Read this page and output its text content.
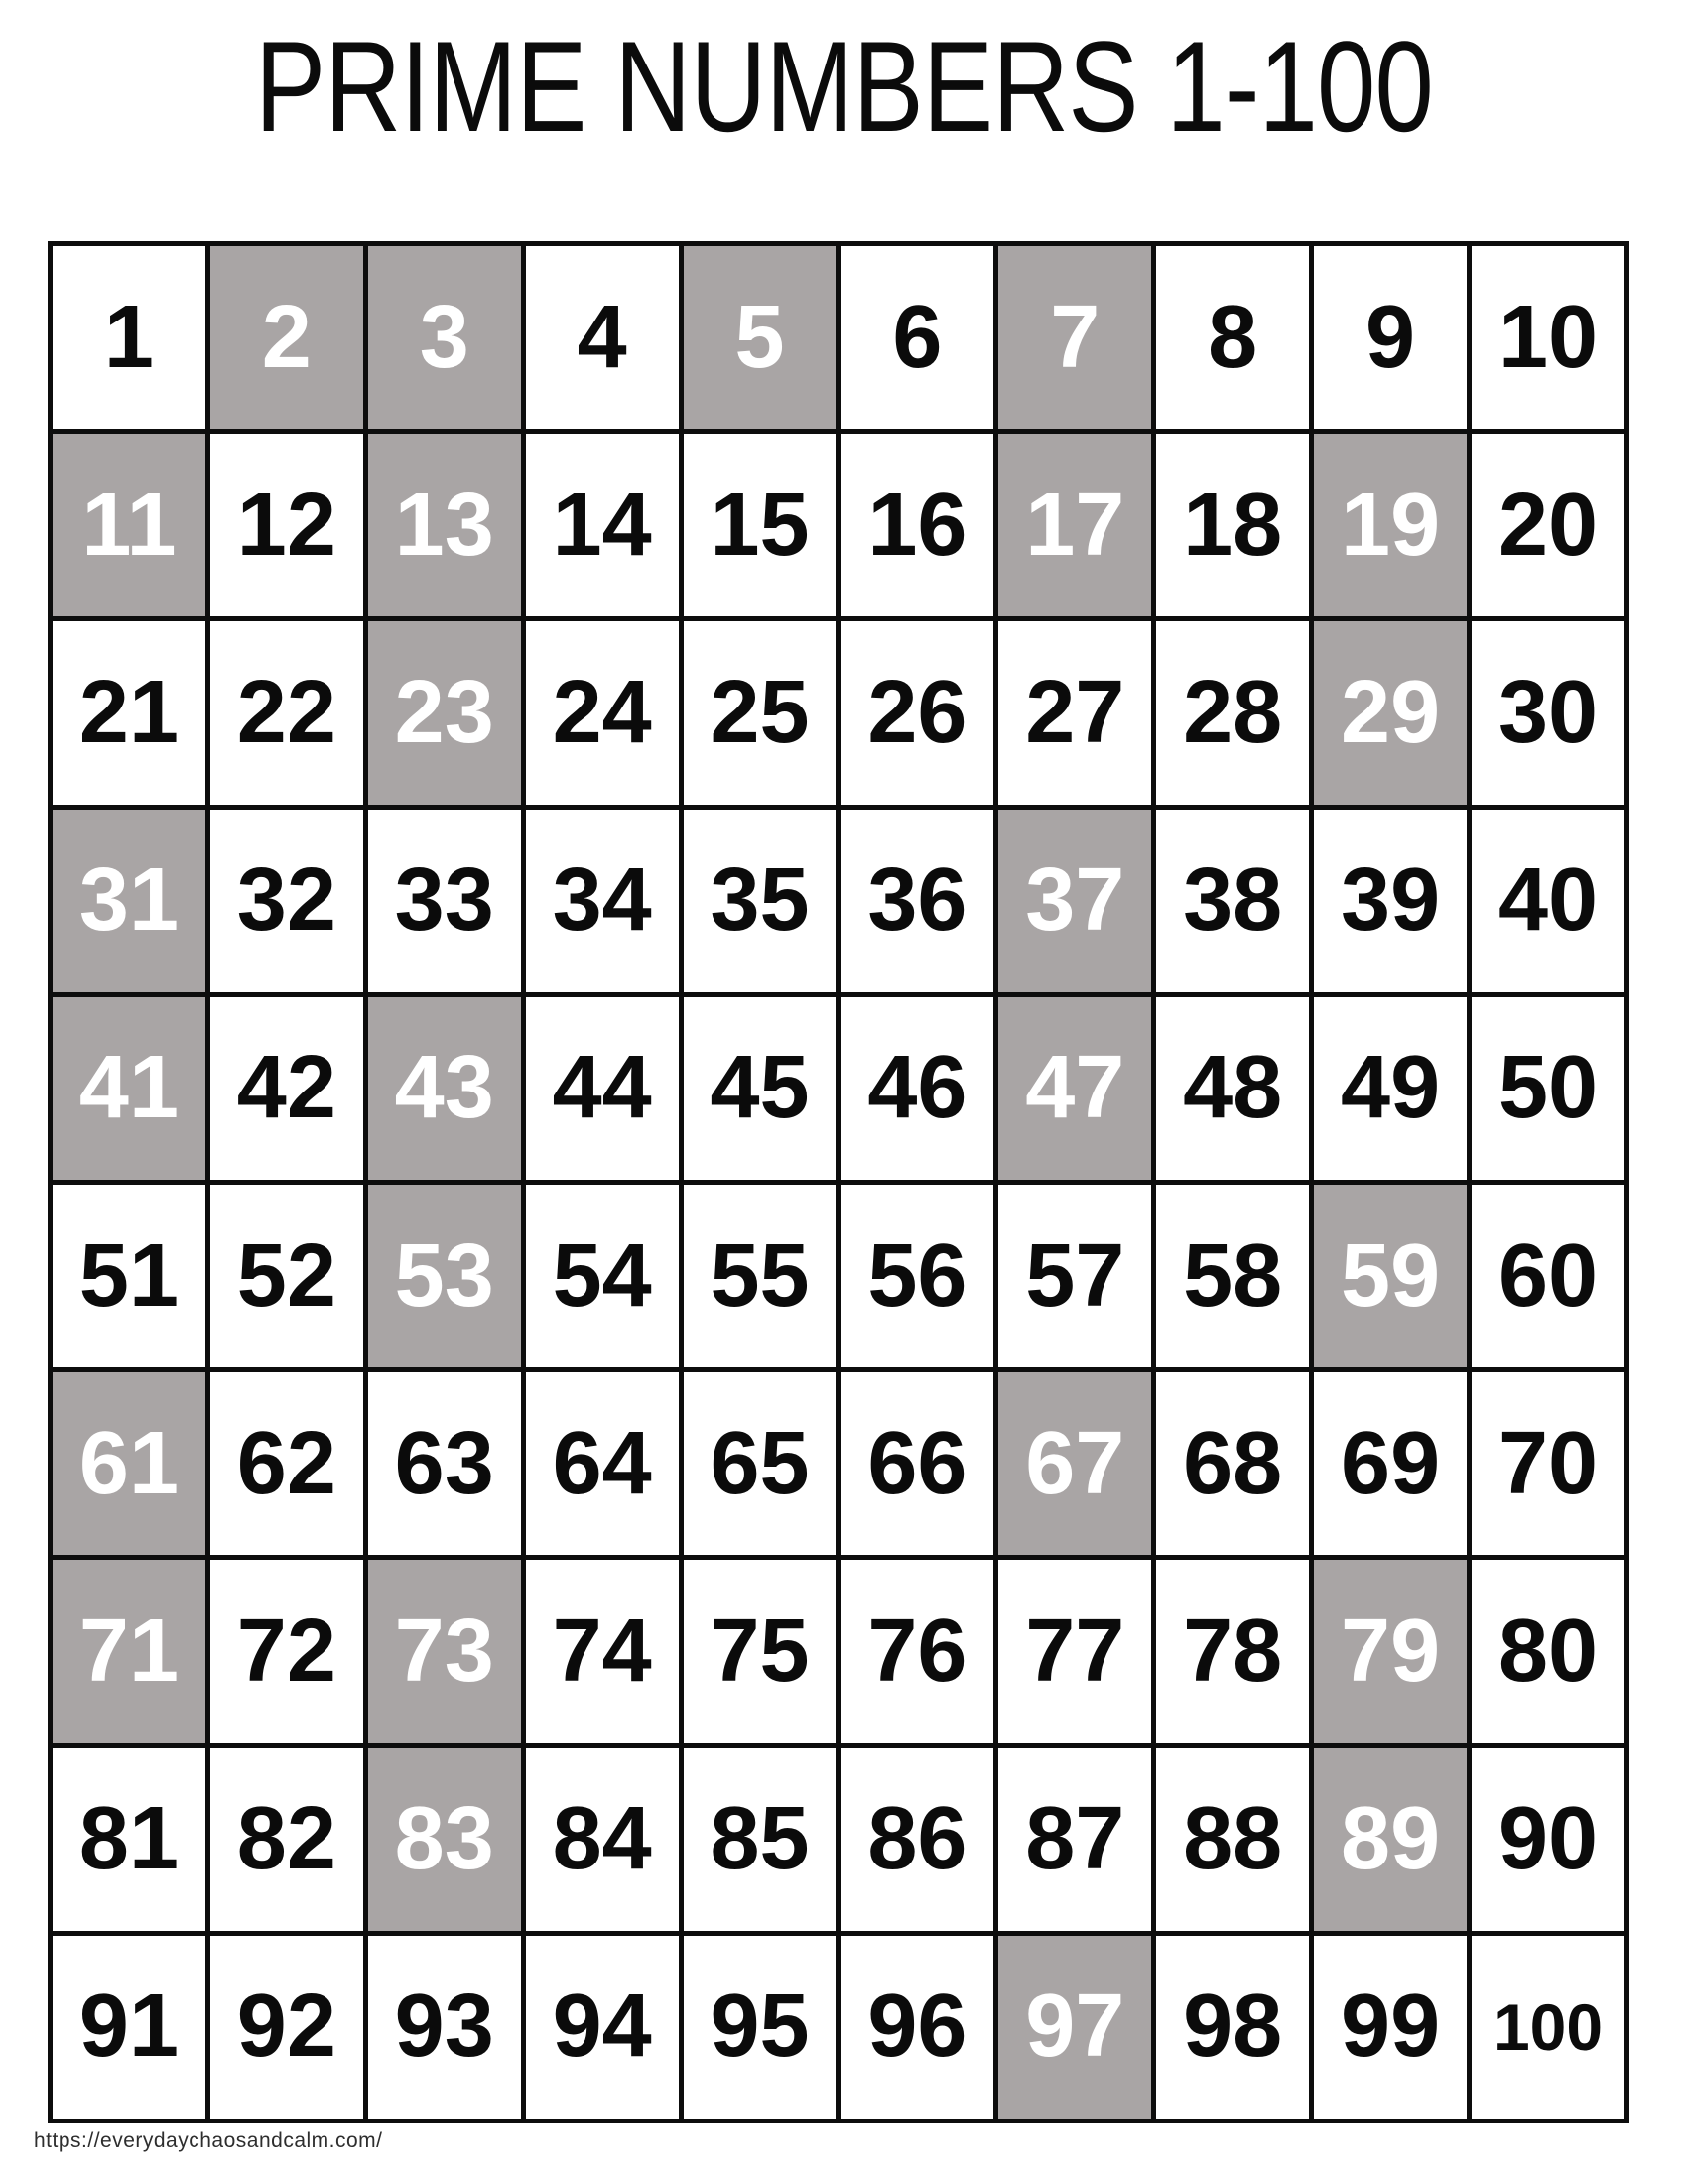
PRIME NUMBERS 1-100
1	2	3	4	5	6	7	8	9	10
11	12	13	14	15	16	17	18	19	20
21	22	23	24	25	26	27	28	29	30
31	32	33	34	35	36	37	38	39	40
41	42	43	44	45	46	47	48	49	50
51	52	53	54	55	56	57	58	59	60
61	62	63	64	65	66	67	68	69	70
71	72	73	74	75	76	77	78	79	80
81	82	83	84	85	86	87	88	89	90
91	92	93	94	95	96	97	98	99	100
https://everydaychaosandcalm.com/
